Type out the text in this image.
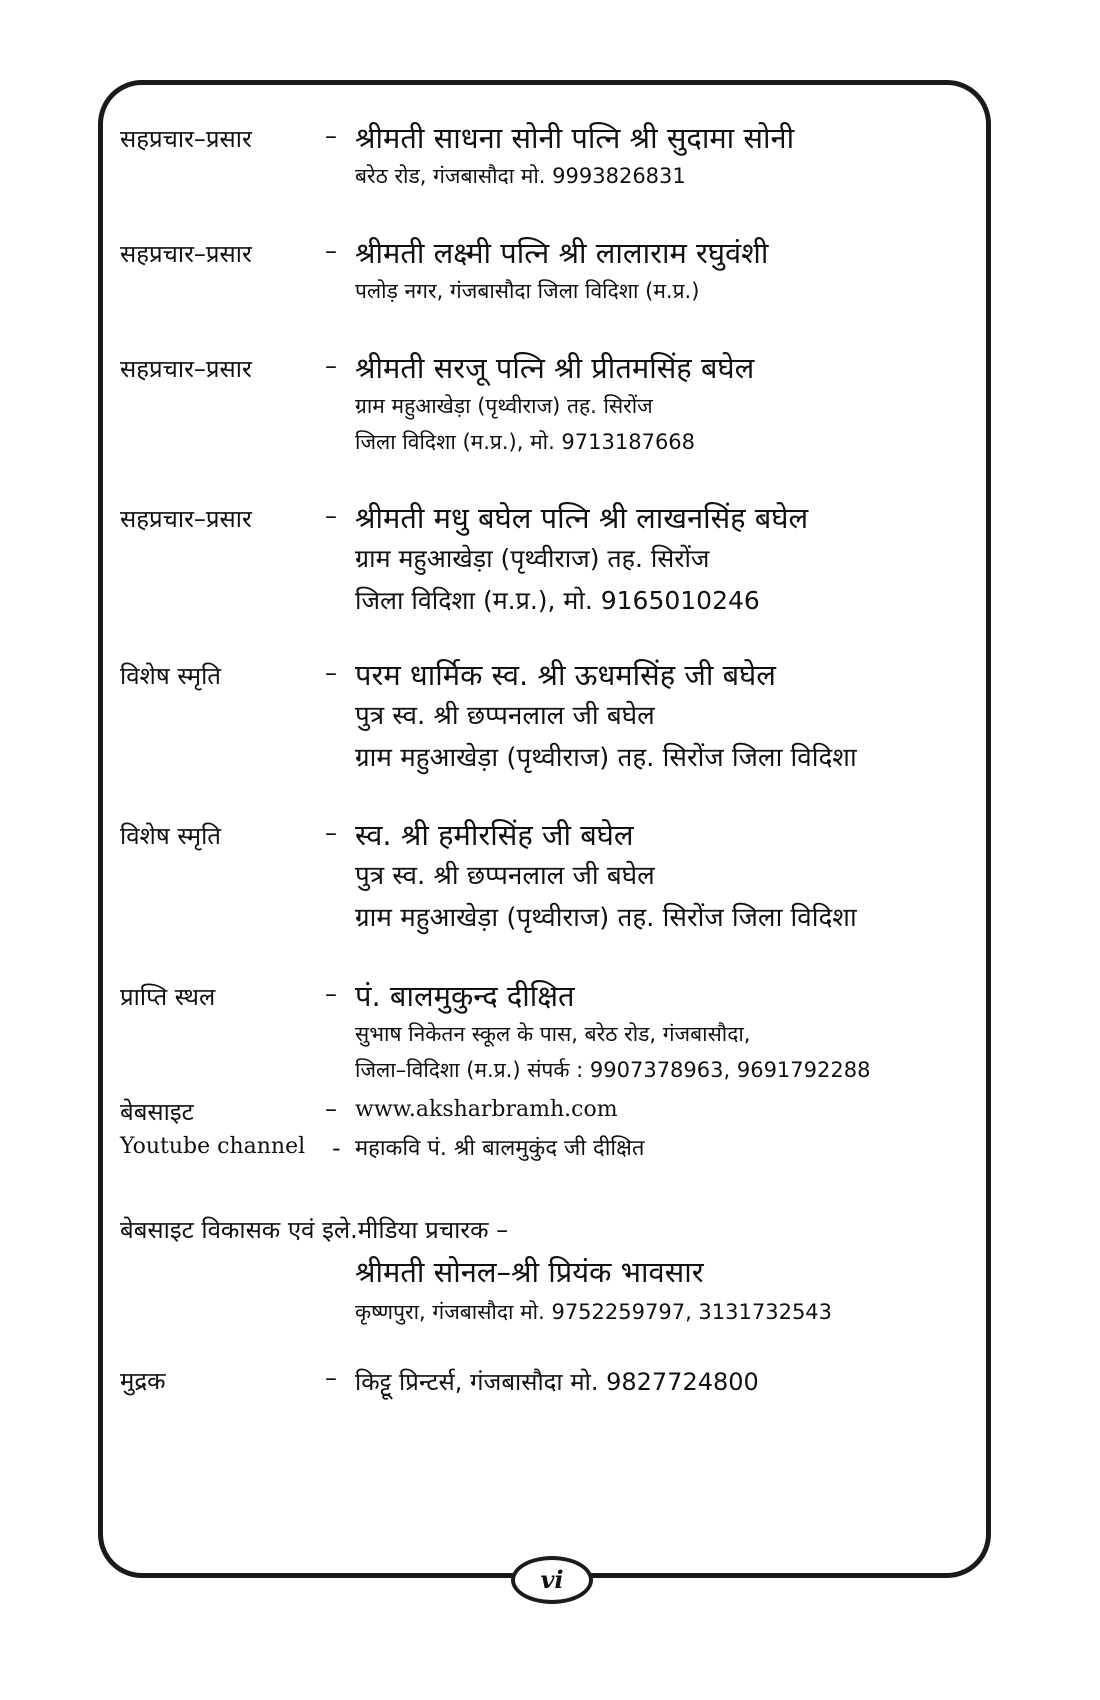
सहप्रचार–प्रसार	– श्रीमती साधना सोनी पत्नि श्री सुदामा सोनी
बरेठ रोड, गंजबासौदा मो. 9993826831
सहप्रचार–प्रसार	– श्रीमती लक्ष्मी पत्नि श्री लालाराम रघुवंशी
पलोड़ नगर, गंजबासौदा जिला विदिशा (म.प्र.)
सहप्रचार–प्रसार	– श्रीमती सरजू पत्नि श्री प्रीतमसिंह बघेल
ग्राम महुआखेड़ा (पृथ्वीराज) तह. सिरोंज
जिला विदिशा (म.प्र.), मो. 9713187668
सहप्रचार–प्रसार	– श्रीमती मधु बघेल पत्नि श्री लाखनसिंह बघेल
ग्राम महुआखेड़ा (पृथ्वीराज) तह. सिरोंज
जिला विदिशा (म.प्र.), मो. 9165010246
विशेष स्मृति	– परम धार्मिक स्व. श्री ऊधमसिंह जी बघेल
पुत्र स्व. श्री छप्पनलाल जी बघेल
ग्राम महुआखेड़ा (पृथ्वीराज) तह. सिरोंज जिला विदिशा
विशेष स्मृति	– स्व. श्री हमीरसिंह जी बघेल
पुत्र स्व. श्री छप्पनलाल जी बघेल
ग्राम महुआखेड़ा (पृथ्वीराज) तह. सिरोंज जिला विदिशा
प्राप्ति स्थल	– पं. बालमुकुन्द दीक्षित
सुभाष निकेतन स्कूल के पास, बरेठ रोड, गंजबासौदा,
जिला–विदिशा (म.प्र.) संपर्क : 9907378963, 9691792288
बेबसाइट	– www.aksharbramh.com
Youtube channel - महाकवि पं. श्री बालमुकुंद जी दीक्षित
बेबसाइट विकासक एवं इले.मीडिया प्रचारक –
श्रीमती सोनल–श्री प्रियंक भावसार
कृष्णपुरा, गंजबासौदा मो. 9752259797, 3131732543
मुद्रक	– किट्टू प्रिन्टर्स, गंजबासौदा मो. 9827724800
vi
